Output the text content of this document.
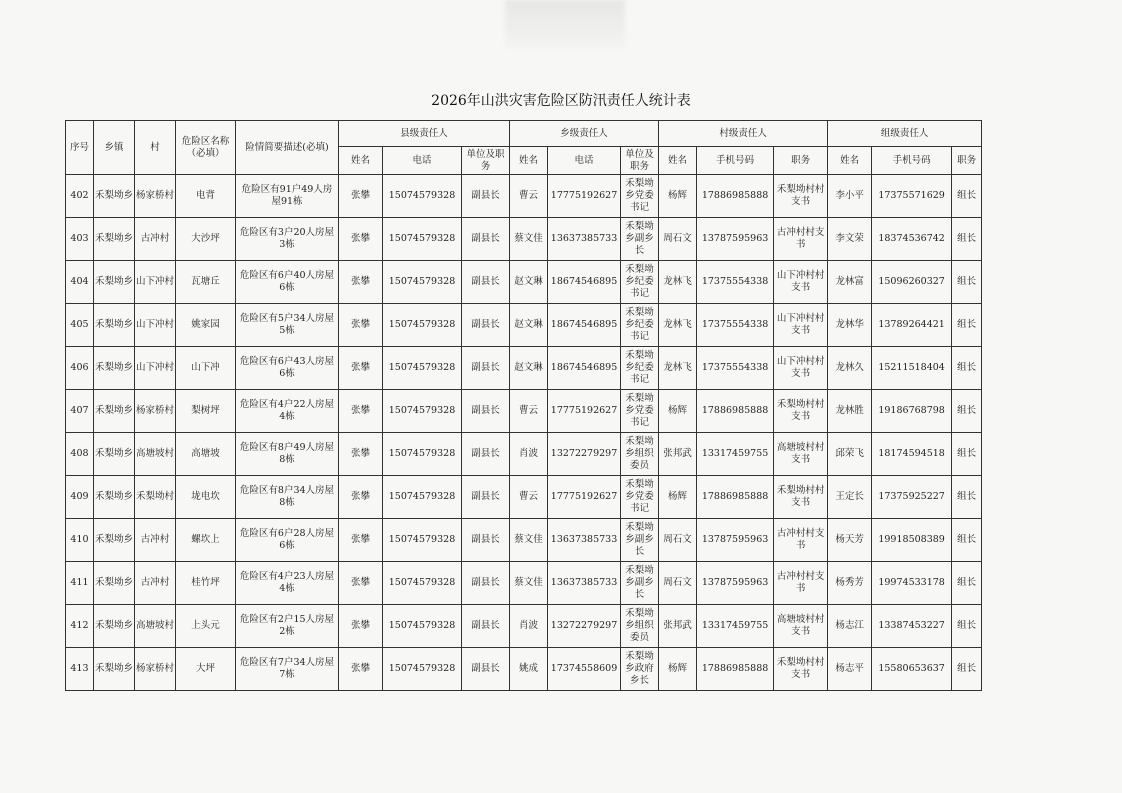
2026年山洪灾害危险区防汛责任人统计表
序号	乡镇	村	危险区名称（必填）	险情简要描述(必填)	县级责任人			乡级责任人			村级责任人			组级责任人		
					姓名	电话	单位及职务	姓名	电话	单位及职务	姓名	手机号码	职务	姓名	手机号码	职务
402	禾梨坳乡	杨家桥村	电背	危险区有91户49人房屋91栋	张攀	15074579328	副县长	曹云	17775192627	禾梨坳乡党委书记	杨辉	17886985888	禾梨坳村村支书	李小平	17375571629	组长
403	禾梨坳乡	古冲村	大沙坪	危险区有3户20人房屋3栋	张攀	15074579328	副县长	蔡文佳	13637385733	禾梨坳乡副乡长	周石文	13787595963	古冲村村支书	李文荣	18374536742	组长
404	禾梨坳乡	山下冲村	瓦塘丘	危险区有6户40人房屋6栋	张攀	15074579328	副县长	赵文琳	18674546895	禾梨坳乡纪委书记	龙林飞	17375554338	山下冲村村支书	龙林富	15096260327	组长
405	禾梨坳乡	山下冲村	姚家园	危险区有5户34人房屋5栋	张攀	15074579328	副县长	赵文琳	18674546895	禾梨坳乡纪委书记	龙林飞	17375554338	山下冲村村支书	龙林华	13789264421	组长
406	禾梨坳乡	山下冲村	山下冲	危险区有6户43人房屋6栋	张攀	15074579328	副县长	赵文琳	18674546895	禾梨坳乡纪委书记	龙林飞	17375554338	山下冲村村支书	龙林久	15211518404	组长
407	禾梨坳乡	杨家桥村	梨树坪	危险区有4户22人房屋4栋	张攀	15074579328	副县长	曹云	17775192627	禾梨坳乡党委书记	杨辉	17886985888	禾梨坳村村支书	龙林胜	19186768798	组长
408	禾梨坳乡	高塘坡村	高塘坡	危险区有8户49人房屋8栋	张攀	15074579328	副县长	肖波	13272279297	禾梨坳乡组织委员	张邦武	13317459755	高塘坡村村支书	邱荣飞	18174594518	组长
409	禾梨坳乡	禾梨坳村	垅电坎	危险区有8户34人房屋8栋	张攀	15074579328	副县长	曹云	17775192627	禾梨坳乡党委书记	杨辉	17886985888	禾梨坳村村支书	王定长	17375925227	组长
410	禾梨坳乡	古冲村	螺坎上	危险区有6户28人房屋6栋	张攀	15074579328	副县长	蔡文佳	13637385733	禾梨坳乡副乡长	周石文	13787595963	古冲村村支书	杨天芳	19918508389	组长
411	禾梨坳乡	古冲村	桂竹坪	危险区有4户23人房屋4栋	张攀	15074579328	副县长	蔡文佳	13637385733	禾梨坳乡副乡长	周石文	13787595963	古冲村村支书	杨秀芳	19974533178	组长
412	禾梨坳乡	高塘坡村	上头元	危险区有2户15人房屋2栋	张攀	15074579328	副县长	肖波	13272279297	禾梨坳乡组织委员	张邦武	13317459755	高塘坡村村支书	杨志江	13387453227	组长
413	禾梨坳乡	杨家桥村	大坪	危险区有7户34人房屋7栋	张攀	15074579328	副县长	姚成	17374558609	禾梨坳乡政府乡长	杨辉	17886985888	禾梨坳村村支书	杨志平	15580653637	组长
